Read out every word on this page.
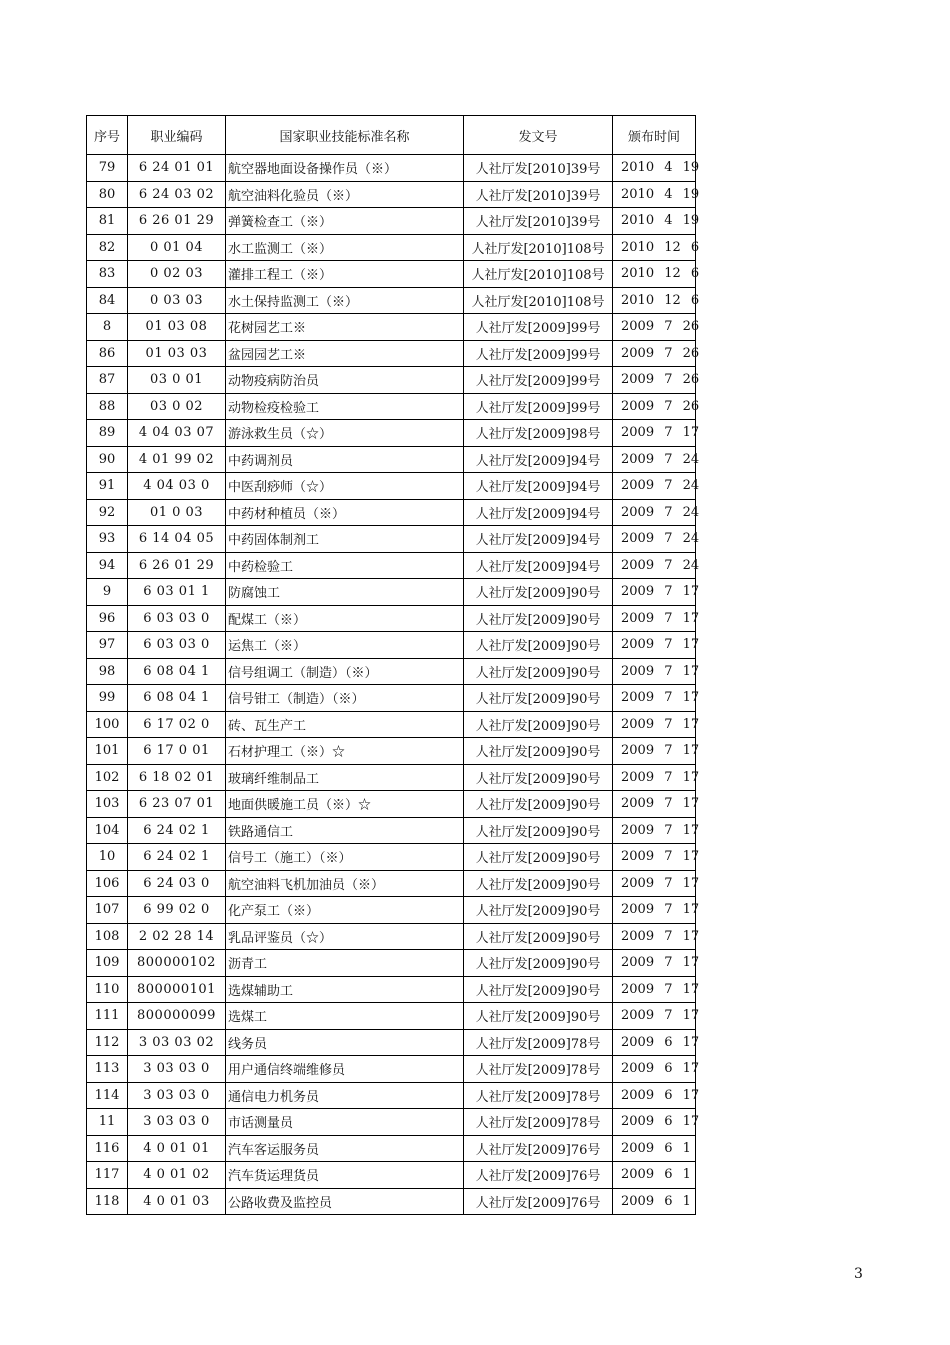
序号	职业编码	国家职业技能标准名称	发文号	颁布时间
79	6 24 01 01	航空器地面设备操作员（※）	人社厅发[2010]39号	2010 4 19
80	6 24 03 02	航空油料化验员（※）	人社厅发[2010]39号	2010 4 19
81	6 26 01 29	弹簧检查工（※）	人社厅发[2010]39号	2010 4 19
82	0 01 04	水工监测工（※）	人社厅发[2010]108号	2010 12 6
83	0 02 03	灌排工程工（※）	人社厅发[2010]108号	2010 12 6
84	0 03 03	水土保持监测工（※）	人社厅发[2010]108号	2010 12 6
8	01 03 08	花树园艺工※	人社厅发[2009]99号	2009 7 26
86	01 03 03	盆园园艺工※	人社厅发[2009]99号	2009 7 26
87	03 0 01	动物疫病防治员	人社厅发[2009]99号	2009 7 26
88	03 0 02	动物检疫检验工	人社厅发[2009]99号	2009 7 26
89	4 04 03 07	游泳救生员（☆）	人社厅发[2009]98号	2009 7 17
90	4 01 99 02	中药调剂员	人社厅发[2009]94号	2009 7 24
91	4 04 03 0	中医刮痧师（☆）	人社厅发[2009]94号	2009 7 24
92	01 0 03	中药材种植员（※）	人社厅发[2009]94号	2009 7 24
93	6 14 04 05	中药固体制剂工	人社厅发[2009]94号	2009 7 24
94	6 26 01 29	中药检验工	人社厅发[2009]94号	2009 7 24
9	6 03 01 1	防腐蚀工	人社厅发[2009]90号	2009 7 17
96	6 03 03 0	配煤工（※）	人社厅发[2009]90号	2009 7 17
97	6 03 03 0	运焦工（※）	人社厅发[2009]90号	2009 7 17
98	6 08 04 1	信号组调工（制造）（※）	人社厅发[2009]90号	2009 7 17
99	6 08 04 1	信号钳工（制造）（※）	人社厅发[2009]90号	2009 7 17
100	6 17 02 0	砖、瓦生产工	人社厅发[2009]90号	2009 7 17
101	6 17 0 01	石材护理工（※）☆	人社厅发[2009]90号	2009 7 17
102	6 18 02 01	玻璃纤维制品工	人社厅发[2009]90号	2009 7 17
103	6 23 07 01	地面供暖施工员（※）☆	人社厅发[2009]90号	2009 7 17
104	6 24 02 1	铁路通信工	人社厅发[2009]90号	2009 7 17
10	6 24 02 1	信号工（施工）（※）	人社厅发[2009]90号	2009 7 17
106	6 24 03 0	航空油料飞机加油员（※）	人社厅发[2009]90号	2009 7 17
107	6 99 02 0	化产泵工（※）	人社厅发[2009]90号	2009 7 17
108	2 02 28 14	乳品评鉴员（☆）	人社厅发[2009]90号	2009 7 17
109	800000102	沥青工	人社厅发[2009]90号	2009 7 17
110	800000101	选煤辅助工	人社厅发[2009]90号	2009 7 17
111	800000099	选煤工	人社厅发[2009]90号	2009 7 17
112	3 03 03 02	线务员	人社厅发[2009]78号	2009 6 17
113	3 03 03 0	用户通信终端维修员	人社厅发[2009]78号	2009 6 17
114	3 03 03 0	通信电力机务员	人社厅发[2009]78号	2009 6 17
11	3 03 03 0	市话测量员	人社厅发[2009]78号	2009 6 17
116	4 0 01 01	汽车客运服务员	人社厅发[2009]76号	2009 6 1
117	4 0 01 02	汽车货运理货员	人社厅发[2009]76号	2009 6 1
118	4 0 01 03	公路收费及监控员	人社厅发[2009]76号	2009 6 1
3
